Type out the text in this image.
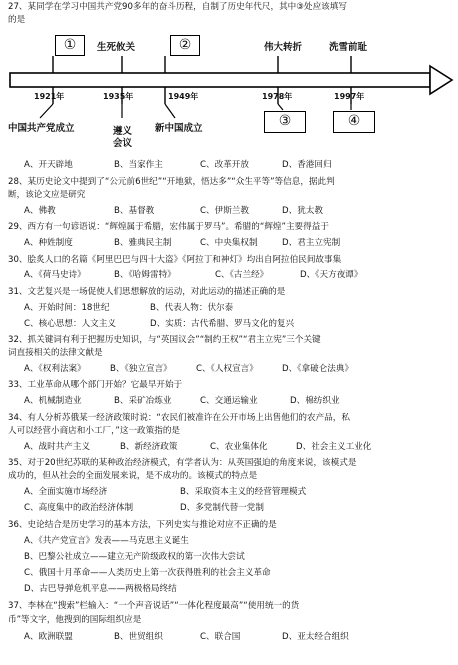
27、某同学在学习中国共产党90多年的奋斗历程，自制了历史年代尺，其中③处应该填写
的是
①	生死攸关	②	伟大转折	洗雪前耻
1921年	1935年	1949年	1978年	1997年
中国共产党成立	遵义
会议
新中国成立	③	④
A、开天辟地	B、当家作主	C、改革开放	D、香港回归
28、某历史论文中提到了“公元前6世纪”“开地狱，悟达多”“众生平等”等信息，据此判
断，该论文应是研究
A、佛教	B、基督教	C、伊斯兰教	D、犹太教
29、西方有一句谚语说：“辉煌属于希腊，宏伟属于罗马”。希腊的“辉煌”主要得益于
A、种姓制度	B、雅典民主制	C、中央集权制	D、君主立宪制
30、脍炙人口的名篇《阿里巴巴与四十大盗》《阿拉丁和神灯》均出自阿拉伯民间故事集
A、《荷马史诗》	B、《哈姆雷特》	C、《古兰经》	D、《天方夜谭》
31、文艺复兴是一场促使人们思想解放的运动，对此运动的描述正确的是
A、开始时间：18世纪	B、代表人物：伏尔泰
C、核心思想：人文主义	D、实质：古代希腊、罗马文化的复兴
32、抓关键词有利于把握历史知识，与“英国议会”“制约王权”“君主立宪”三个关键
词直接相关的法律文献是
A、《权利法案》	B、《独立宣言》	C、《人权宣言》	D、《拿破仑法典》
33、工业革命从哪个部门开始？它最早开始于
A、机械制造业	B、采矿冶炼业	C、交通运输业	D、棉纺织业
34、有人分析苏俄某一经济政策时说：“农民们被准许在公开市场上出售他们的农产品，私
人可以经营小商店和小工厂，”这一政策指的是
A、战时共产主义	B、新经济政策	C、农业集体化	D、社会主义工业化
35、对于20世纪苏联的某种政治经济模式，有学者认为：从英国强迫的角度来说，该模式是
成功的，但从社会的全面发展来说，是不成功的。该模式的特点是
A、全面实施市场经济	B、采取资本主义的经营管理模式
C、高度集中的政治经济体制	D、多党制代替一党制
36、史论结合是历史学习的基本方法，下列史实与推论对应不正确的是
A、《共产党宣言》发表——马克思主义诞生
B、巴黎公社成立——建立无产阶级政权的第一次伟大尝试
C、俄国十月革命——人类历史上第一次获得胜利的社会主义革命
D、古巴导弹危机平息——两极格局终结
37、李林在“搜索”栏输入：“一个声音说话”“一体化程度最高”“使用统一的货
币”等文字，他搜到的国际组织应是
A、欧洲联盟	B、世贸组织	C、联合国	D、亚太经合组织
